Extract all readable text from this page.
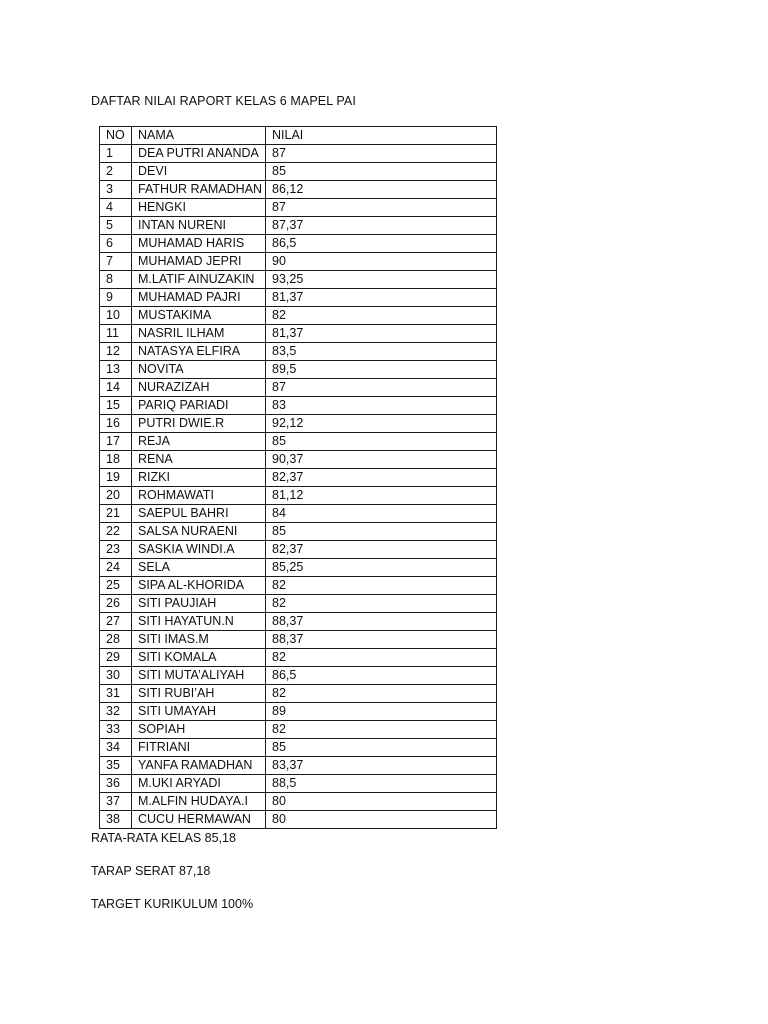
DAFTAR NILAI RAPORT KELAS 6 MAPEL PAI
NO	NAMA	NILAI
1	DEA PUTRI ANANDA	87
2	DEVI	85
3	FATHUR RAMADHAN	86,12
4	HENGKI	87
5	INTAN NURENI	87,37
6	MUHAMAD HARIS	86,5
7	MUHAMAD JEPRI	90
8	M.LATIF AINUZAKIN	93,25
9	MUHAMAD PAJRI	81,37
10	MUSTAKIMA	82
11	NASRIL ILHAM	81,37
12	NATASYA ELFIRA	83,5
13	NOVITA	89,5
14	NURAZIZAH	87
15	PARIQ PARIADI	83
16	PUTRI DWIE.R	92,12
17	REJA	85
18	RENA	90,37
19	RIZKI	82,37
20	ROHMAWATI	81,12
21	SAEPUL BAHRI	84
22	SALSA NURAENI	85
23	SASKIA WINDI.A	82,37
24	SELA	85,25
25	SIPA AL-KHORIDA	82
26	SITI PAUJIAH	82
27	SITI HAYATUN.N	88,37
28	SITI IMAS.M	88,37
29	SITI KOMALA	82
30	SITI MUTA’ALIYAH	86,5
31	SITI RUBI’AH	82
32	SITI UMAYAH	89
33	SOPIAH	82
34	FITRIANI	85
35	YANFA RAMADHAN	83,37
36	M.UKI ARYADI	88,5
37	M.ALFIN HUDAYA.I	80
38	CUCU HERMAWAN	80
RATA-RATA KELAS 85,18
TARAP SERAT 87,18
TARGET KURIKULUM 100%
